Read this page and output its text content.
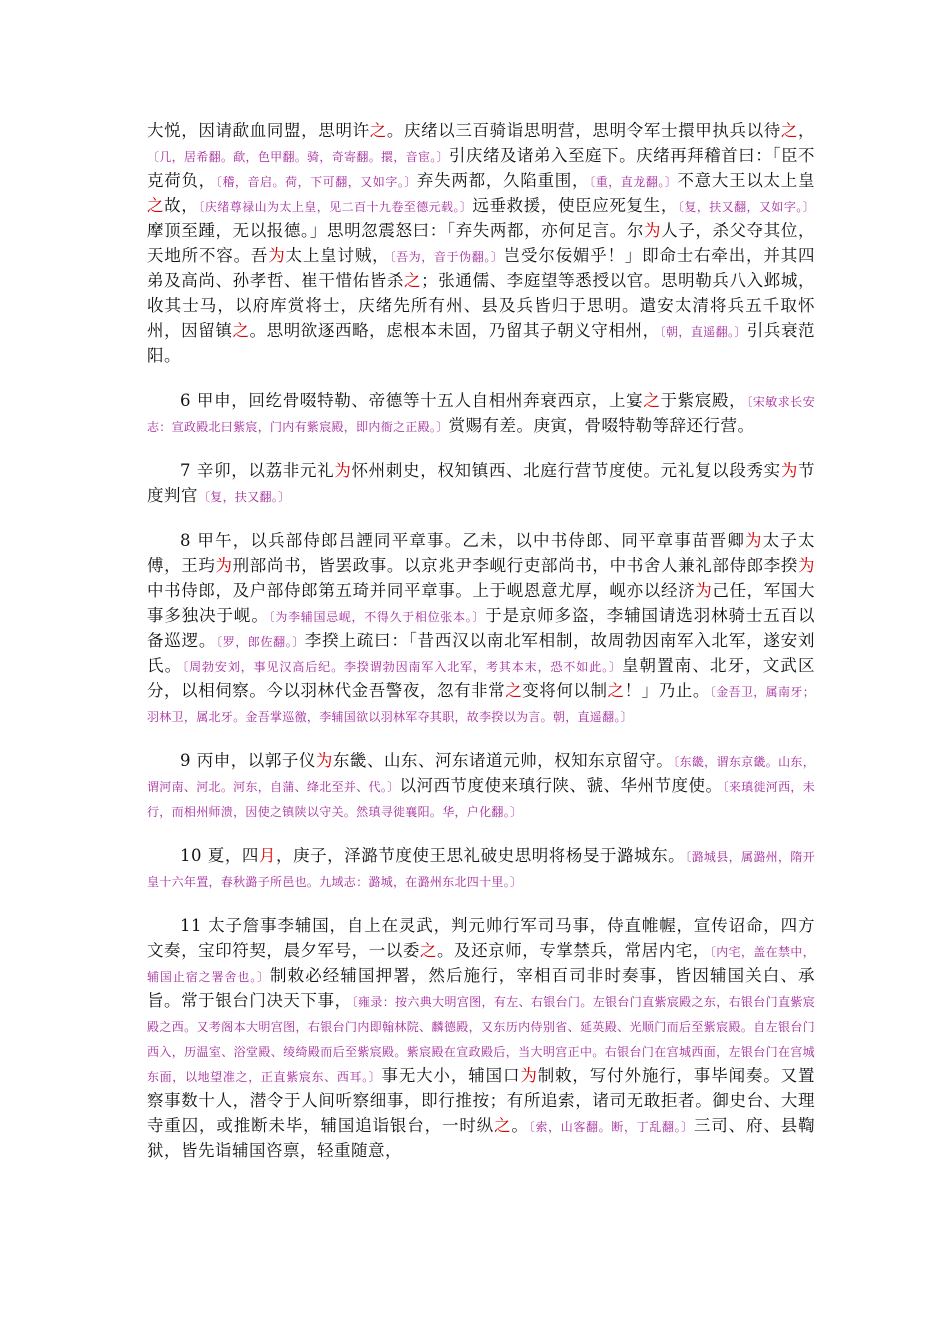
大悦，因请歃血同盟，思明许之。庆绪以三百骑诣思明营，思明令军士擐甲执兵以待之，〔几，居希翻。歃，色甲翻。骑，奇寄翻。擐，音宦。〕引庆绪及诸弟入至庭下。庆绪再拜稽首曰：「臣不克荷负，〔稽，音启。荷，下可翻，又如字。〕弃失两都，久陷重围，〔重，直龙翻。〕不意大王以太上皇之故，〔庆绪尊禄山为太上皇，见二百十九卷至德元载。〕远垂救援，使臣应死复生，〔复，扶又翻，又如字。〕摩顶至踵，无以报德。」思明忽震怒曰：「弃失两都，亦何足言。尔为人子，杀父夺其位，天地所不容。吾为太上皇讨贼，〔吾为，音于伪翻。〕岂受尔佞媚乎！」即命士右牵出，并其四弟及高尚、孙孝哲、崔干惜佑皆杀之；张通儒、李庭望等悉授以官。思明勒兵八入邺城，收其士马，以府库赏将士，庆绪先所有州、县及兵皆归于思明。遣安太清将兵五千取怀州，因留镇之。思明欲逐西略，虑根本未固，乃留其子朝义守相州，〔朝，直遥翻。〕引兵衰范阳。

6 甲申，回纥骨啜特勒、帝德等十五人自相州奔衰西京，上宴之于紫宸殿，〔宋敏求长安志：宣政殿北曰紫宸，门内有紫宸殿，即内衙之正殿。〕赏赐有差。庚寅，骨啜特勒等辞还行营。

7 辛卯，以荔非元礼为怀州刺史，权知镇西、北庭行营节度使。元礼复以段秀实为节度判官〔复，扶又翻。〕

8 甲午，以兵部侍郎吕諲同平章事。乙未，以中书侍郎、同平章事苗晋卿为太子太傅，王玙为刑部尚书，皆罢政事。以京兆尹李岘行吏部尚书，中书舍人兼礼部侍郎李揆为中书侍郎，及户部侍郎第五琦并同平章事。上于岘恩意尤厚，岘亦以经济为己任，军国大事多独决于岘。〔为李辅国忌岘，不得久于相位张本。〕于是京师多盗，李辅国请选羽林骑士五百以备巡逻。〔罗，郎佐翻。〕李揆上疏曰：「昔西汉以南北军相制，故周勃因南军入北军，遂安刘氏。〔周勃安刘，事见汉高后纪。李揆谓勃因南军入北军，考其本末，恐不如此。〕皇朝置南、北牙，文武区分，以相伺察。今以羽林代金吾警夜，忽有非常之变将何以制之！」乃止。〔金吾卫，属南牙；羽林卫，属北牙。金吾掌巡徼，李辅国欲以羽林军夺其职，故李揆以为言。朝，直遥翻。〕

9 丙申，以郭子仪为东畿、山东、河东诸道元帅，权知东京留守。〔东畿，谓东京畿。山东，谓河南、河北。河东，自蒲、绛北至并、代。〕以河西节度使来瑱行陕、虢、华州节度使。〔来瑱徙河西，未行，而相州师溃，因使之镇陕以守关。然瑱寻徙襄阳。华，户化翻。〕

10 夏，四月，庚子，泽潞节度使王思礼破史思明将杨旻于潞城东。〔潞城县，属潞州，隋开皇十六年置，春秋潞子所邑也。九域志：潞城，在潞州东北四十里。〕

11 太子詹事李辅国，自上在灵武，判元帅行军司马事，侍直帷幄，宣传诏命，四方文奏，宝印符契，晨夕军号，一以委之。及还京师，专掌禁兵，常居内宅，〔内宅，盖在禁中，辅国止宿之署舍也。〕制敕必经辅国押署，然后施行，宰相百司非时奏事，皆因辅国关白、承旨。常于银台门决天下事，〔雍录：按六典大明宫图，有左、右银台门。左银台门直紫宸殿之东，右银台门直紫宸殿之西。又考阁本大明宫图，右银台门内即翰林院、麟德殿，又东历内侍别省、延英殿、光顺门而后至紫宸殿。自左银台门西入，历温室、浴堂殿、绫绮殿而后至紫宸殿。紫宸殿在宣政殿后，当大明宫正中。右银台门在宫城西面，左银台门在宫城东面，以地望准之，正直紫宸东、西耳。〕事无大小，辅国口为制敕，写付外施行，事毕闻奏。又置察事数十人，潜令于人间听察细事，即行推按；有所追索，诸司无敢拒者。御史台、大理寺重囚，或推断未毕，辅国追诣银台，一时纵之。〔索，山客翻。断，丁乱翻。〕三司、府、县鞫狱，皆先诣辅国咨禀，轻重随意，
